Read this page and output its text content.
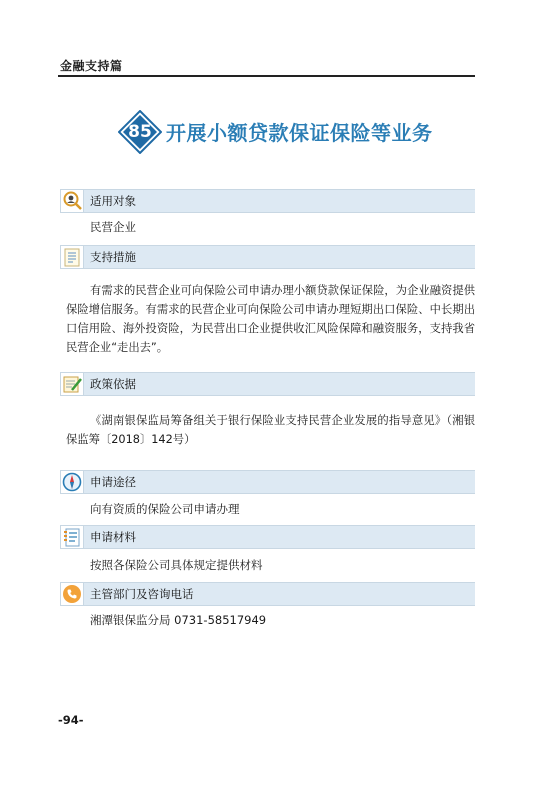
金融支持篇
85 开展小额贷款保证保险等业务
适用对象
民营企业
支持措施
有需求的民营企业可向保险公司申请办理小额贷款保证保险，为企业融资提供保险增信服务。有需求的民营企业可向保险公司申请办理短期出口保险、中长期出口信用险、海外投资险，为民营出口企业提供收汇风险保障和融资服务，支持我省民营企业“走出去”。
政策依据
《湖南银保监局筹备组关于银行保险业支持民营企业发展的指导意见》（湘银保监筹〔2018〕142号）
申请途径
向有资质的保险公司申请办理
申请材料
按照各保险公司具体规定提供材料
主管部门及咨询电话
湘潭银保监分局 0731-58517949
-94-
